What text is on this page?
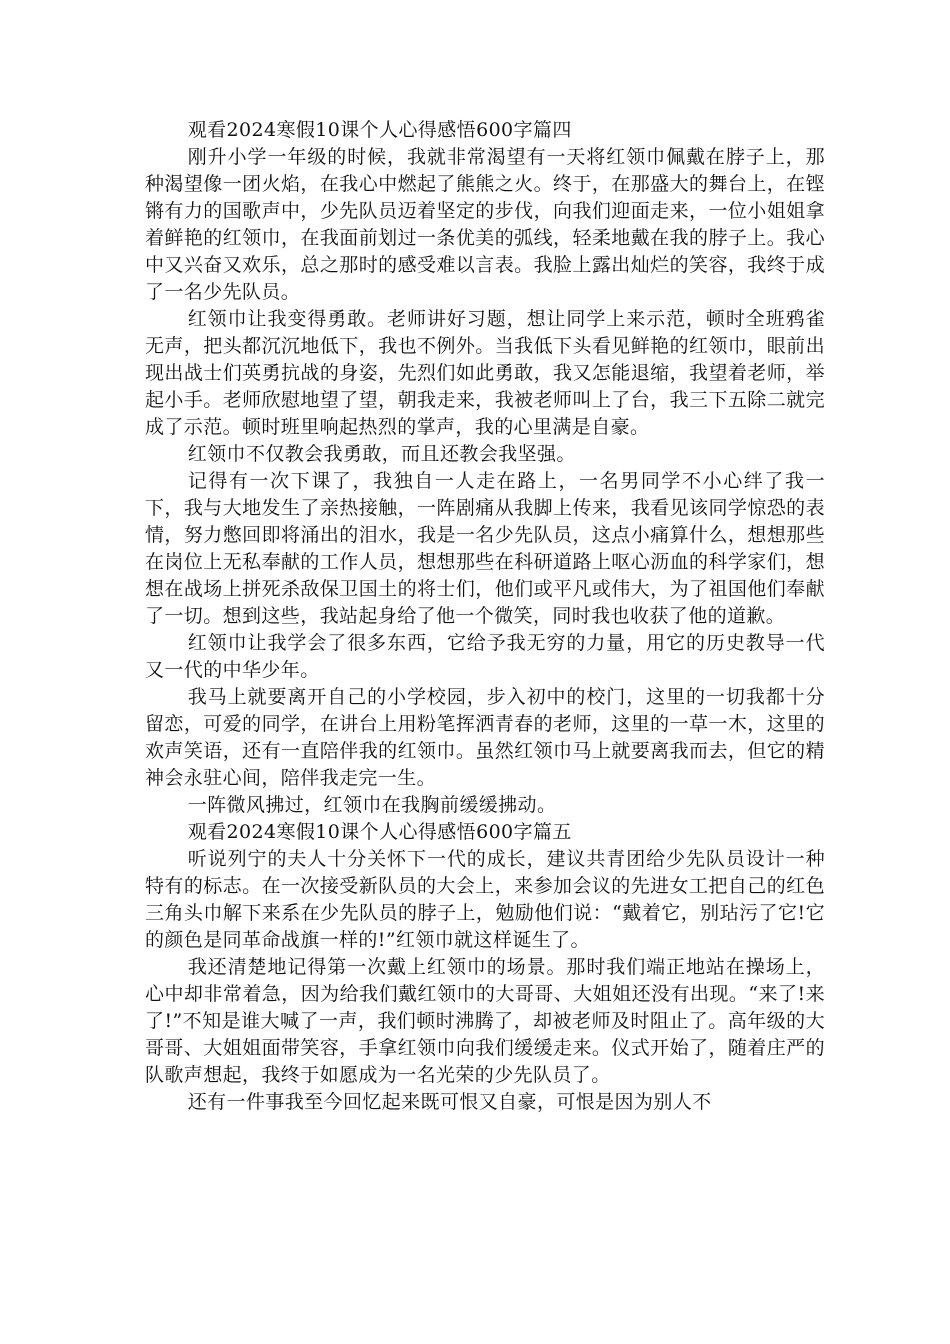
观看2024寒假10课个人心得感悟600字篇四

刚升小学一年级的时候，我就非常渴望有一天将红领巾佩戴在脖子上，那种渴望像一团火焰，在我心中燃起了熊熊之火。终于，在那盛大的舞台上，在铿锵有力的国歌声中，少先队员迈着坚定的步伐，向我们迎面走来，一位小姐姐拿着鲜艳的红领巾，在我面前划过一条优美的弧线，轻柔地戴在我的脖子上。我心中又兴奋又欢乐，总之那时的感受难以言表。我脸上露出灿烂的笑容，我终于成了一名少先队员。

红领巾让我变得勇敢。老师讲好习题，想让同学上来示范，顿时全班鸦雀无声，把头都沉沉地低下，我也不例外。当我低下头看见鲜艳的红领巾，眼前出现出战士们英勇抗战的身姿，先烈们如此勇敢，我又怎能退缩，我望着老师，举起小手。老师欣慰地望了望，朝我走来，我被老师叫上了台，我三下五除二就完成了示范。顿时班里响起热烈的掌声，我的心里满是自豪。

红领巾不仅教会我勇敢，而且还教会我坚强。

记得有一次下课了，我独自一人走在路上，一名男同学不小心绊了我一下，我与大地发生了亲热接触，一阵剧痛从我脚上传来，我看见该同学惊恐的表情，努力憋回即将涌出的泪水，我是一名少先队员，这点小痛算什么，想想那些在岗位上无私奉献的工作人员，想想那些在科研道路上呕心沥血的科学家们，想想在战场上拼死杀敌保卫国土的将士们，他们或平凡或伟大，为了祖国他们奉献了一切。想到这些，我站起身给了他一个微笑，同时我也收获了他的道歉。

红领巾让我学会了很多东西，它给予我无穷的力量，用它的历史教导一代又一代的中华少年。

我马上就要离开自己的小学校园，步入初中的校门，这里的一切我都十分留恋，可爱的同学，在讲台上用粉笔挥洒青春的老师，这里的一草一木，这里的欢声笑语，还有一直陪伴我的红领巾。虽然红领巾马上就要离我而去，但它的精神会永驻心间，陪伴我走完一生。

一阵微风拂过，红领巾在我胸前缓缓拂动。

观看2024寒假10课个人心得感悟600字篇五

听说列宁的夫人十分关怀下一代的成长，建议共青团给少先队员设计一种特有的标志。在一次接受新队员的大会上，来参加会议的先进女工把自己的红色三角头巾解下来系在少先队员的脖子上，勉励他们说：“戴着它，别玷污了它!它的颜色是同革命战旗一样的!”红领巾就这样诞生了。

我还清楚地记得第一次戴上红领巾的场景。那时我们端正地站在操场上，心中却非常着急，因为给我们戴红领巾的大哥哥、大姐姐还没有出现。“来了!来了!”不知是谁大喊了一声，我们顿时沸腾了，却被老师及时阻止了。高年级的大哥哥、大姐姐面带笑容，手拿红领巾向我们缓缓走来。仪式开始了，随着庄严的队歌声想起，我终于如愿成为一名光荣的少先队员了。

还有一件事我至今回忆起来既可恨又自豪，可恨是因为别人不
